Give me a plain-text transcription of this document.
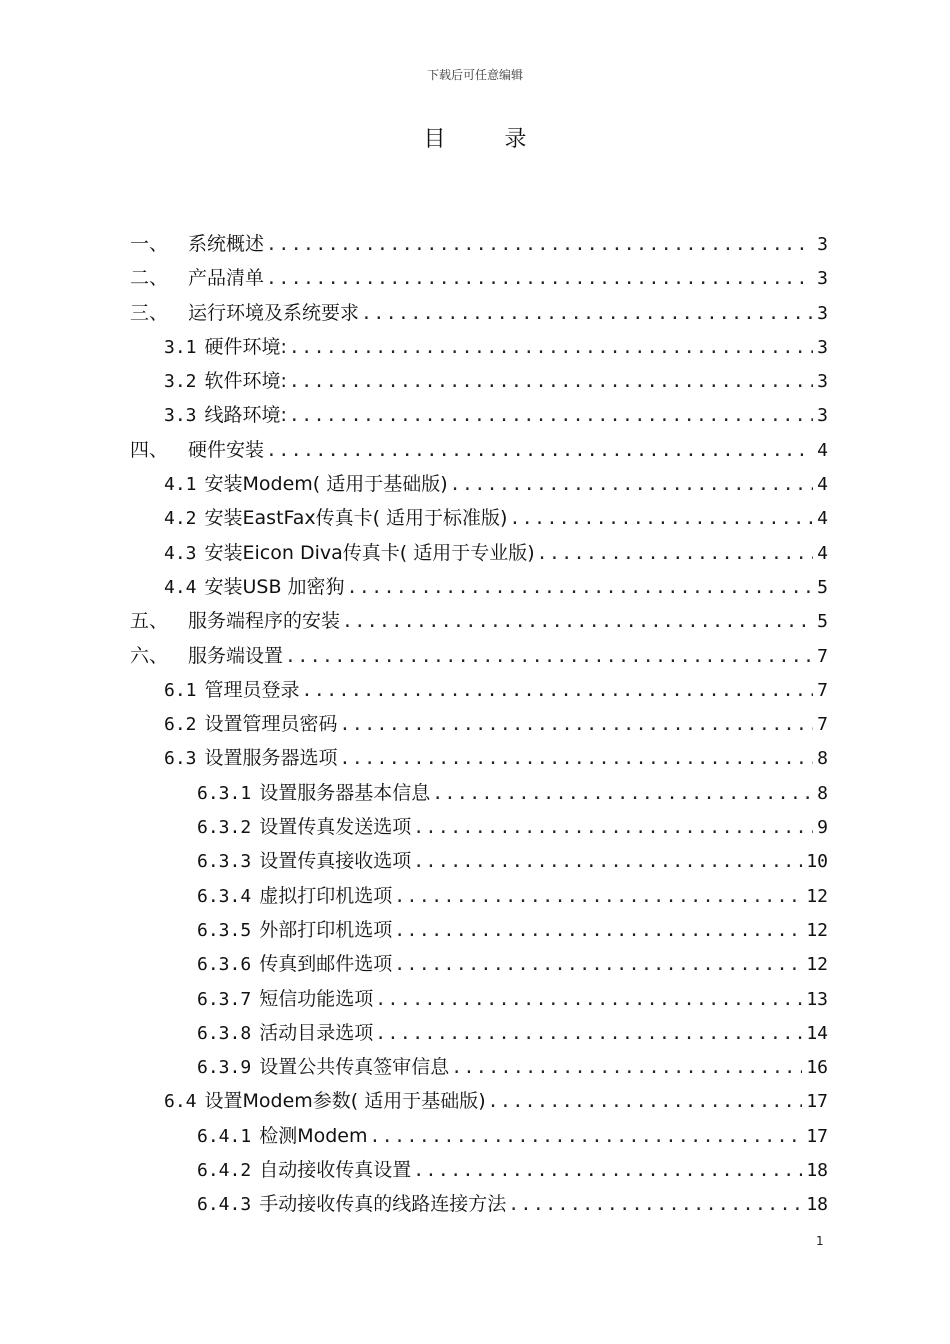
下载后可任意编辑
目 录
一、	系统概述 .....	3
二、	产品清单 .....	3
三、	运行环境及系统要求 .....	3
3.1 硬件环境: .....	3
3.2 软件环境: .....	3
3.3 线路环境: .....	3
四、	硬件安装 .....	4
4.1 安装Modem( 适用于基础版) .....	4
4.2 安装EastFax传真卡( 适用于标准版) .....	4
4.3 安装Eicon Diva传真卡( 适用于专业版) .....	4
4.4 安装USB 加密狗 .....	5
五、	服务端程序的安装 .....	5
六、	服务端设置 .....	7
6.1 管理员登录 .....	7
6.2 设置管理员密码 .....	7
6.3 设置服务器选项 .....	8
6.3.1 设置服务器基本信息 .....	8
6.3.2 设置传真发送选项 .....	9
6.3.3 设置传真接收选项 .....	10
6.3.4 虚拟打印机选项 .....	12
6.3.5 外部打印机选项 .....	12
6.3.6 传真到邮件选项 .....	12
6.3.7 短信功能选项 .....	13
6.3.8 活动目录选项 .....	14
6.3.9 设置公共传真签审信息 .....	16
6.4 设置Modem参数( 适用于基础版) .....	17
6.4.1 检测Modem .....	17
6.4.2 自动接收传真设置 .....	18
6.4.3 手动接收传真的线路连接方法 .....	18
1
